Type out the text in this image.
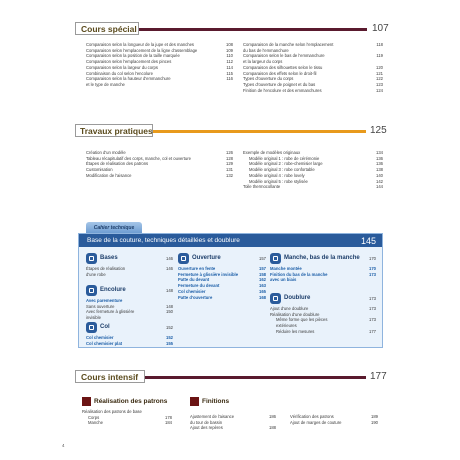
Cours spécial	107
Comparaison selon la longueur de la jupe et des manches	108
Comparaison selon l'emplacement de la ligne d'assemblage	109
Comparaison selon la position de la taille marquée	110
Comparaison selon l'emplacement des pinces	112
Comparaison selon la largeur du corps	114
Combinaison du col selon l'encolure	115
Comparaison selon la hauteur d'emmanchure	116
et le type de manche
Comparaison de la manche selon l'emplacement	118
du bas de l'emmanchure
Comparaison selon le bas de l'emmanchure	119
et la largeur du corps
Comparaison des silhouettes selon le tissu	120
Comparaison des effets selon le droit-fil	121
Types d'ouverture du corps	122
Types d'ouverture de poignet et du bas	123
Finition de l'encolure et des emmanchures	124
Travaux pratiques	125
Création d'un modèle	126
Tableau récapitulatif des corps, manche, col et ouverture	128
Étapes de réalisation des patrons	129
Customisation	131
Modification de l'aisance	132
Exemple de modèles originaux	134
Modèle original 1 : robe de cérémonie	136
Modèle original 2 : robe-chemisier large	136
Modèle original 3 : robe confortable	138
Modèle original 4 : robe lovely	140
Modèle original 5 : robe stylisée	142
Toile thermocollante	144
Cahier technique
Base de la couture, techniques détaillées et doublure	145
Bases	146
Étapes de réalisation	146
d'une robe
Encolure	148
Avec parementure
Sans ouverture	148
Avec fermeture à glissière	150
invisible
Col	152
Col chemisier	152
Col chemisier plat	155
Ouverture	157
Ouverture en fente	157
Fermeture à glissière invisible	158
Patte du devant	162
Fermeture du devant	163
Col chemisier	165
Patte d'ouverture	168
Manche, bas de la manche 170
Manche montée	170
Finition du bas de la manche	173
avec un biais
Doublure	173
Ajout d'une doublure	173
Réalisation d'une doublure
Même forme que les pièces	173
extérieures
Réduire les mesures	177
Cours intensif	177
Réalisation des patrons
Réalisation des patrons de base
Corps	178
Manche	184
Finitions
Ajustement de l'aisance	186
du tour de bassin
Ajout des repères	188
Vérification des patrons	189
Ajout de marges de couture	190
4
